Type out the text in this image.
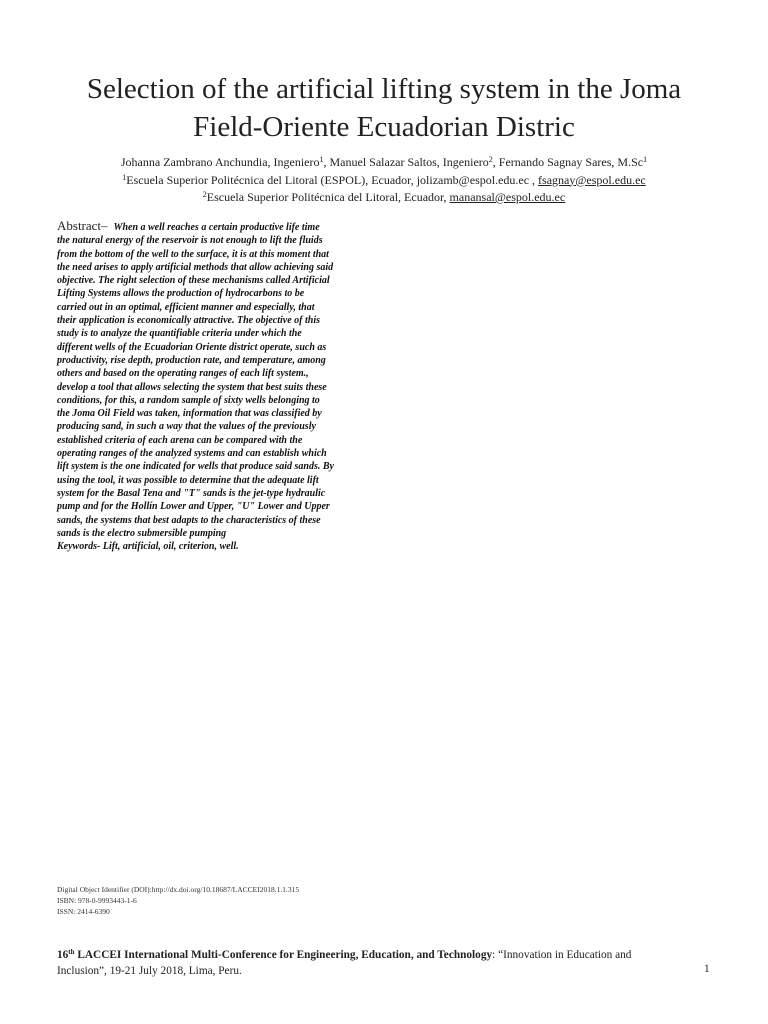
Selection of the artificial lifting system in the Joma
Field-Oriente Ecuadorian Distric
Johanna Zambrano Anchundia, Ingeniero$^1$, Manuel Salazar Saltos, Ingeniero$^2$, Fernando Sagnay Sares, M.Sc$^1$
$^1$Escuela Superior Politécnica del Litoral (ESPOL), Ecuador, jolizamb@espol.edu.ec , fsagnay@espol.edu.ec
$^2$Escuela Superior Politécnica del Litoral, Ecuador, manansal@espol.edu.ec
Abstract– When a well reaches a certain productive life time
the natural energy of the reservoir is not enough to lift the fluids
from the bottom of the well to the surface, it is at this moment that
the need arises to apply artificial methods that allow achieving said
objective. The right selection of these mechanisms called Artificial
Lifting Systems allows the production of hydrocarbons to be
carried out in an optimal, efficient manner and especially, that
their application is economically attractive. The objective of this
study is to analyze the quantifiable criteria under which the
different wells of the Ecuadorian Oriente district operate, such as
productivity, rise depth, production rate, and temperature, among
others and based on the operating ranges of each lift system.,
develop a tool that allows selecting the system that best suits these
conditions, for this, a random sample of sixty wells belonging to
the Joma Oil Field was taken, information that was classified by
producing sand, in such a way that the values of the previously
established criteria of each arena can be compared with the
operating ranges of the analyzed systems and can establish which
lift system is the one indicated for wells that produce said sands. By
using the tool, it was possible to determine that the adequate lift
system for the Basal Tena and "T" sands is the jet-type hydraulic
pump and for the Hollín Lower and Upper, "U" Lower and Upper
sands, the systems that best adapts to the characteristics of these
sands is the electro submersible pumping
Keywords- Lift, artificial, oil, criterion, well.
Digital Object Identifier (DOI):http://dx.doi.org/10.18687/LACCEI2018.1.1.315
ISBN: 978-0-9993443-1-6
ISSN: 2414-6390
16th LACCEI International Multi-Conference for Engineering, Education, and Technology: “Innovation in Education and
Inclusion”, 19-21 July 2018, Lima, Peru.	1
